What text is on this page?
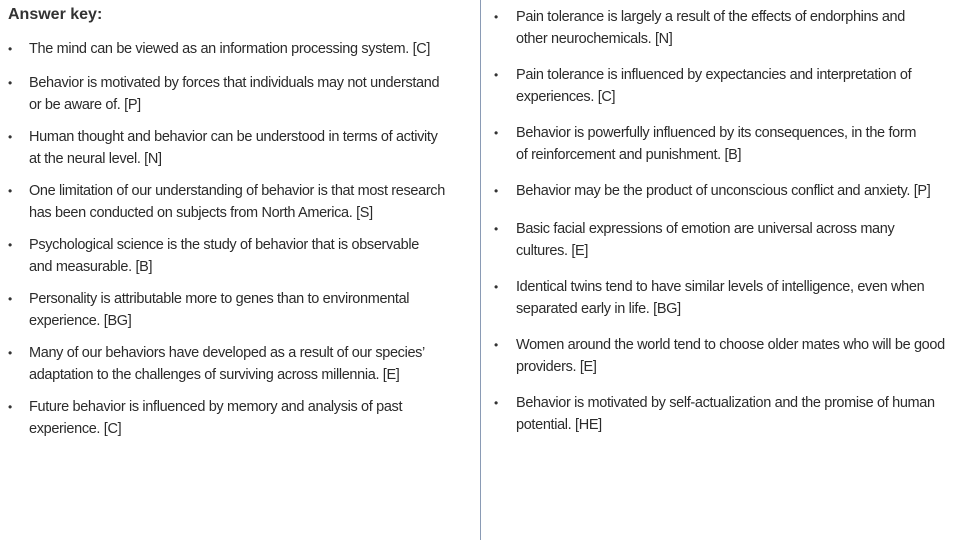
Answer key:
• The mind can be viewed as an information processing system. [C]
• Behavior is motivated by forces that individuals may not understand
or be aware of. [P]
• Human thought and behavior can be understood in terms of activity
at the neural level. [N]
• One limitation of our understanding of behavior is that most research
has been conducted on subjects from North America. [S]
• Psychological science is the study of behavior that is observable
and measurable. [B]
• Personality is attributable more to genes than to environmental
experience. [BG]
• Many of our behaviors have developed as a result of our species’
adaptation to the challenges of surviving across millennia. [E]
• Future behavior is influenced by memory and analysis of past
experience. [C]
• Pain tolerance is largely a result of the effects of endorphins and
other neurochemicals. [N]
• Pain tolerance is influenced by expectancies and interpretation of
experiences. [C]
• Behavior is powerfully influenced by its consequences, in the form
of reinforcement and punishment. [B]
• Behavior may be the product of unconscious conflict and anxiety. [P]
• Basic facial expressions of emotion are universal across many
cultures. [E]
• Identical twins tend to have similar levels of intelligence, even when
separated early in life. [BG]
• Women around the world tend to choose older mates who will be good
providers. [E]
• Behavior is motivated by self-actualization and the promise of human
potential. [HE]
